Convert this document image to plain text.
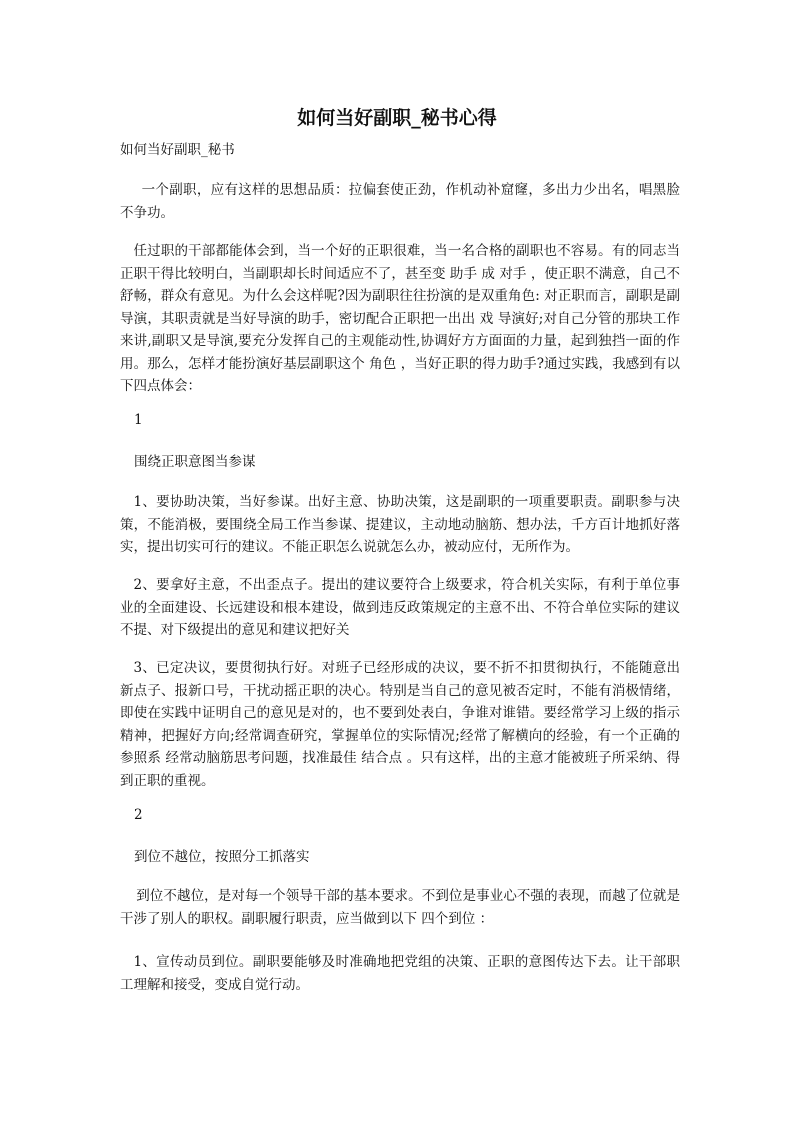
如何当好副职_秘书心得

如何当好副职_秘书

一个副职，应有这样的思想品质：拉偏套使正劲，作机动补窟窿，多出力少出名，唱黑脸不争功。

任过职的干部都能体会到，当一个好的正职很难，当一名合格的副职也不容易。有的同志当正职干得比较明白，当副职却长时间适应不了，甚至变 助手 成 对手 ，使正职不满意，自己不舒畅，群众有意见。为什么会这样呢?因为副职往往扮演的是双重角色: 对正职而言，副职是副导演，其职责就是当好导演的助手，密切配合正职把一出出 戏 导演好;对自己分管的那块工作来讲,副职又是导演,要充分发挥自己的主观能动性,协调好方方面面的力量，起到独挡一面的作用。那么，怎样才能扮演好基层副职这个 角色 ，当好正职的得力助手?通过实践，我感到有以下四点体会：

1

围绕正职意图当参谋

1、要协助决策，当好参谋。出好主意、协助决策，这是副职的一项重要职责。副职参与决策，不能消极，要围绕全局工作当参谋、提建议，主动地动脑筋、想办法，千方百计地抓好落实，提出切实可行的建议。不能正职怎么说就怎么办，被动应付，无所作为。

2、要拿好主意，不出歪点子。提出的建议要符合上级要求，符合机关实际，有利于单位事业的全面建设、长远建设和根本建设，做到违反政策规定的主意不出、不符合单位实际的建议不提、对下级提出的意见和建议把好关

3、已定决议，要贯彻执行好。对班子已经形成的决议，要不折不扣贯彻执行，不能随意出新点子、报新口号，干扰动摇正职的决心。特别是当自己的意见被否定时，不能有消极情绪，即使在实践中证明自己的意见是对的，也不要到处表白，争谁对谁错。要经常学习上级的指示精神，把握好方向;经常调查研究，掌握单位的实际情况;经常了解横向的经验，有一个正确的 参照系 经常动脑筋思考问题，找准最佳 结合点 。只有这样，出的主意才能被班子所采纳、得到正职的重视。

2

到位不越位，按照分工抓落实

到位不越位，是对每一个领导干部的基本要求。不到位是事业心不强的表现，而越了位就是干涉了别人的职权。副职履行职责，应当做到以下 四个到位 ：

1、宣传动员到位。副职要能够及时准确地把党组的决策、正职的意图传达下去。让干部职工理解和接受，变成自觉行动。
